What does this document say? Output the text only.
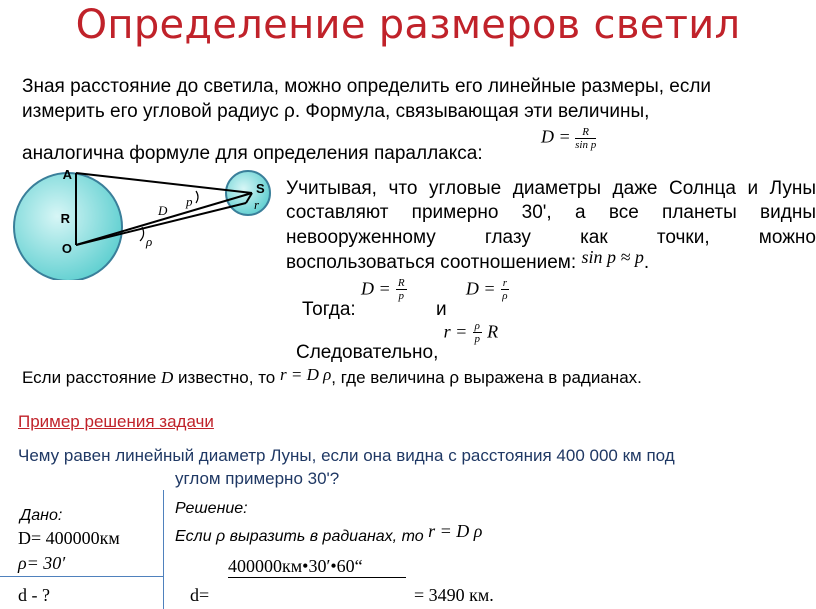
Определение размеров светил
Зная расстояние до светила, можно определить его линейные размеры, если
измерить его угловой радиус ρ. Формула, связывающая эти величины,
аналогична формуле для определения параллакса:
$D = \frac{R}{\text{sin p}}$
A
R
O
D
p
S
r
ρ
Учитывая, что угловые диаметры даже Солнца и Луны
составляют примерно 30', а все планеты видны
невооруженному глазу как точки, можно
воспользоваться соотношением: sin p ≈ p.
Тогда: $D = \frac{R}{p}$
и $D = \frac{r}{\rho}$
Следовательно, $r = \frac{\rho}{p}$ R
Если расстояние D известно, то r = D ρ, где величина ρ выражена в радианах.
Пример решения задачи
Чему равен линейный диаметр Луны, если она видна с расстояния 400 000 км под
углом примерно 30'?
Дано:
D= 400000км
ρ= 30′
d - ?
Решение:
Если ρ выразить в радианах, то r = D ρ
d=
400000км•30′•60“
= 3490 км.
